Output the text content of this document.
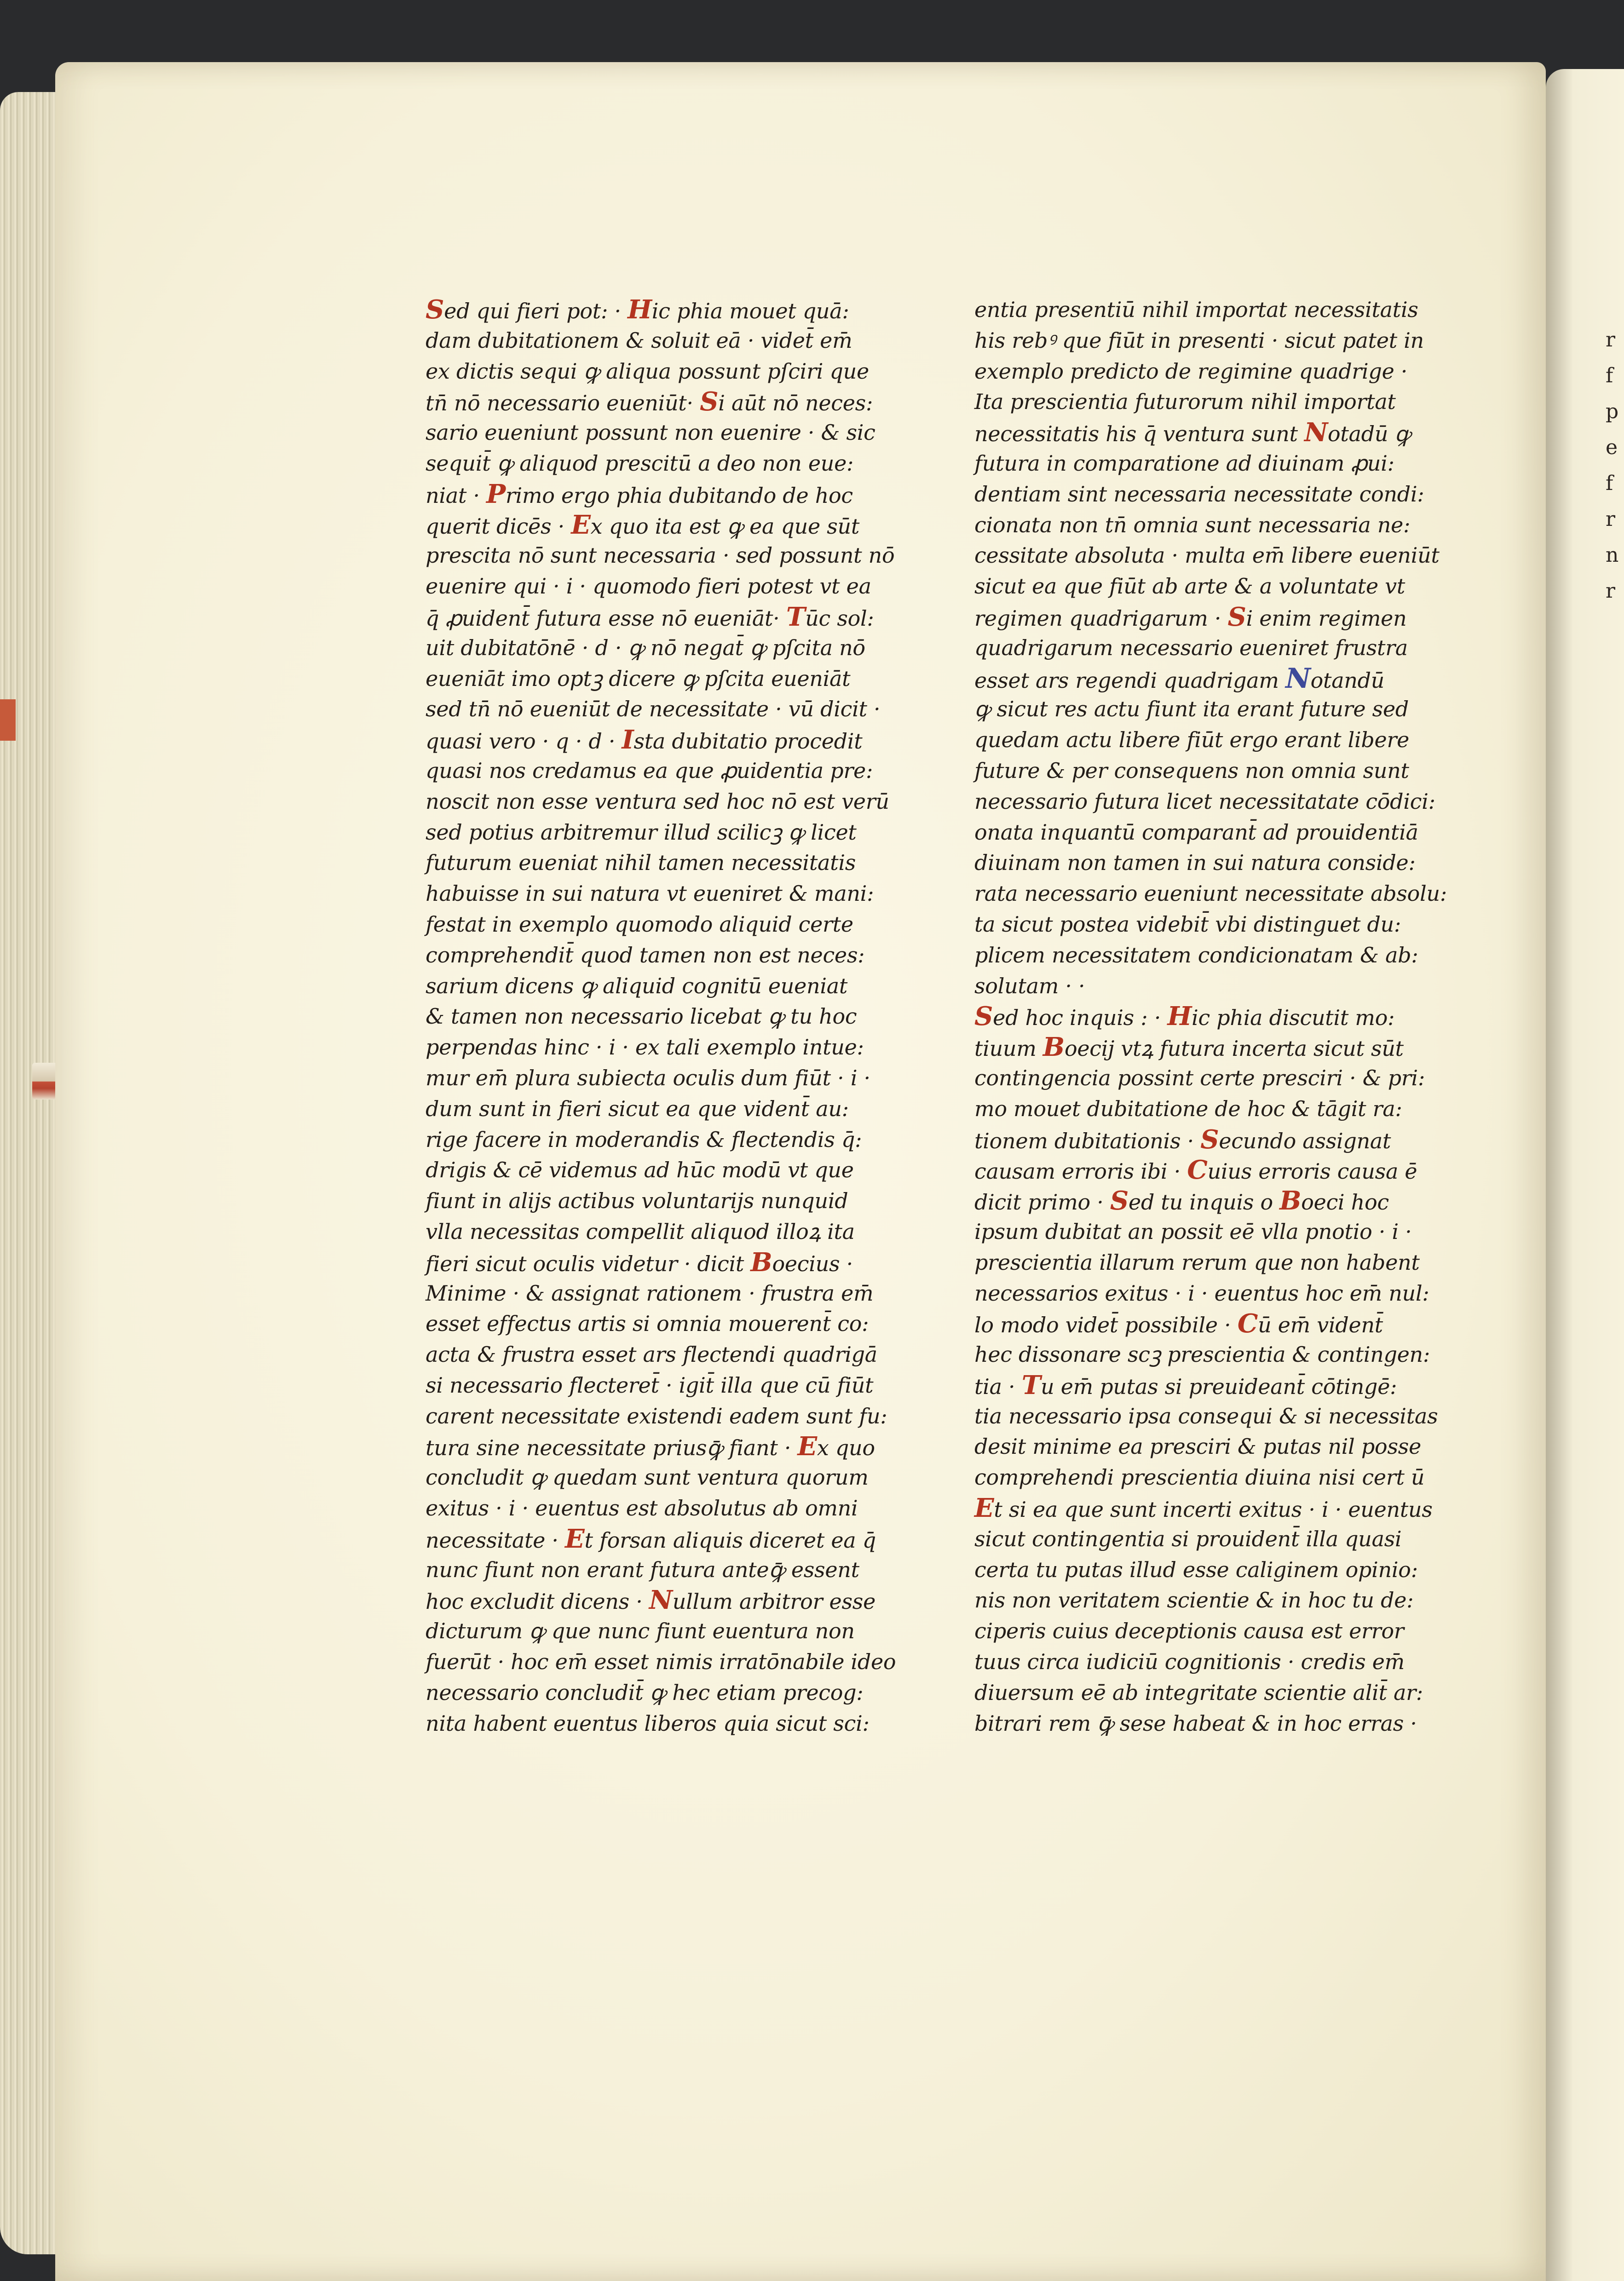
r
f
p
e
f
r
n
r
Sed qui fieri pot: · Hic phia mouet quā:
dam dubitationem & soluit eā · videt̄ em̄
ex dictis sequi ꝙ aliqua possunt pſciri que
tn̄ nō necessario eueniūt· Si aūt nō neces:
sario eueniunt possunt non euenire · & sic
sequit̄ ꝙ aliquod prescitū a deo non eue:
niat · Primo ergo phia dubitando de hoc
querit dicēs · Ex quo ita est ꝙ ea que sūt
prescita nō sunt necessaria · sed possunt nō
euenire qui · i · quomodo fieri potest vt ea
q̄ ꝓuident̄ futura esse nō eueniāt· Tūc sol:
uit dubitatōnē · d · ꝙ nō negat̄ ꝙ pſcita nō
eueniāt imo optꝫ dicere ꝙ pſcita eueniāt
sed tn̄ nō eueniūt de necessitate · vū dicit ·
quasi vero · q · d · Ista dubitatio procedit
quasi nos credamus ea que ꝓuidentia pre:
noscit non esse ventura sed hoc nō est verū
sed potius arbitremur illud scilicꝫ ꝙ licet
futurum eueniat nihil tamen necessitatis
habuisse in sui natura vt eueniret & mani:
festat in exemplo quomodo aliquid certe
comprehendit̄ quod tamen non est neces:
sarium dicens ꝙ aliquid cognitū eueniat
& tamen non necessario licebat ꝙ tu hoc
perpendas hinc · i · ex tali exemplo intue:
mur em̄ plura subiecta oculis dum fiūt · i ·
dum sunt in fieri sicut ea que vident̄ au:
rige facere in moderandis & flectendis q̄:
drigis & cē videmus ad hūc modū vt que
fiunt in alijs actibus voluntarijs nunquid
vlla necessitas compellit aliquod illoꝝ ita
fieri sicut oculis videtur · dicit Boecius ·
Minime · & assignat rationem · frustra em̄
esset effectus artis si omnia mouerent̄ co:
acta & frustra esset ars flectendi quadrigā
si necessario flecteret̄ · igit̄ illa que cū fiūt
carent necessitate existendi eadem sunt fu:
tura sine necessitate priusꝙ̄ fiant · Ex quo
concludit ꝙ quedam sunt ventura quorum
exitus · i · euentus est absolutus ab omni
necessitate · Et forsan aliquis diceret ea q̄
nunc fiunt non erant futura anteꝙ̄ essent
hoc excludit dicens · Nullum arbitror esse
dicturum ꝙ que nunc fiunt euentura non
fuerūt · hoc em̄ esset nimis irratōnabile ideo
necessario concludit̄ ꝙ hec etiam precog:
nita habent euentus liberos quia sicut sci:
entia presentiū nihil importat necessitatis
his rebꝰ que fiūt in presenti · sicut patet in
exemplo predicto de regimine quadrige ·
Ita prescientia futurorum nihil importat
necessitatis his q̄ ventura sunt Notadū ꝙ
futura in comparatione ad diuinam ꝓui:
dentiam sint necessaria necessitate condi:
cionata non tn̄ omnia sunt necessaria ne:
cessitate absoluta · multa em̄ libere eueniūt
sicut ea que fiūt ab arte & a voluntate vt
regimen quadrigarum · Si enim regimen
quadrigarum necessario eueniret frustra
esset ars regendi quadrigam Notandū
ꝙ sicut res actu fiunt ita erant future sed
quedam actu libere fiūt ergo erant libere
future & per consequens non omnia sunt
necessario futura licet necessitatate cōdici:
onata inquantū comparant̄ ad prouidentiā
diuinam non tamen in sui natura conside:
rata necessario eueniunt necessitate absolu:
ta sicut postea videbit̄ vbi distinguet du:
plicem necessitatem condicionatam & ab:
solutam · ·
Sed hoc inquis : · Hic phia discutit mo:
tiuum Boecij vtꝝ futura incerta sicut sūt
contingencia possint certe presciri · & pri:
mo mouet dubitatione de hoc & tāgit ra:
tionem dubitationis · Secundo assignat
causam erroris ibi · Cuius erroris causa ē
dicit primo · Sed tu inquis o Boeci hoc
ipsum dubitat an possit eē vlla pnotio · i ·
prescientia illarum rerum que non habent
necessarios exitus · i · euentus hoc em̄ nul:
lo modo videt̄ possibile · Cū em̄ vident̄
hec dissonare scꝫ prescientia & contingen:
tia · Tu em̄ putas si preuideant̄ cōtingē:
tia necessario ipsa consequi & si necessitas
desit minime ea presciri & putas nil posse
comprehendi prescientia diuina nisi cert ū
Et si ea que sunt incerti exitus · i · euentus
sicut contingentia si prouident̄ illa quasi
certa tu putas illud esse caliginem opinio:
nis non veritatem scientie & in hoc tu de:
ciperis cuius deceptionis causa est error
tuus circa iudiciū cognitionis · credis em̄
diuersum eē ab integritate scientie alit̄ ar:
bitrari rem ꝙ̄ sese habeat & in hoc erras ·
